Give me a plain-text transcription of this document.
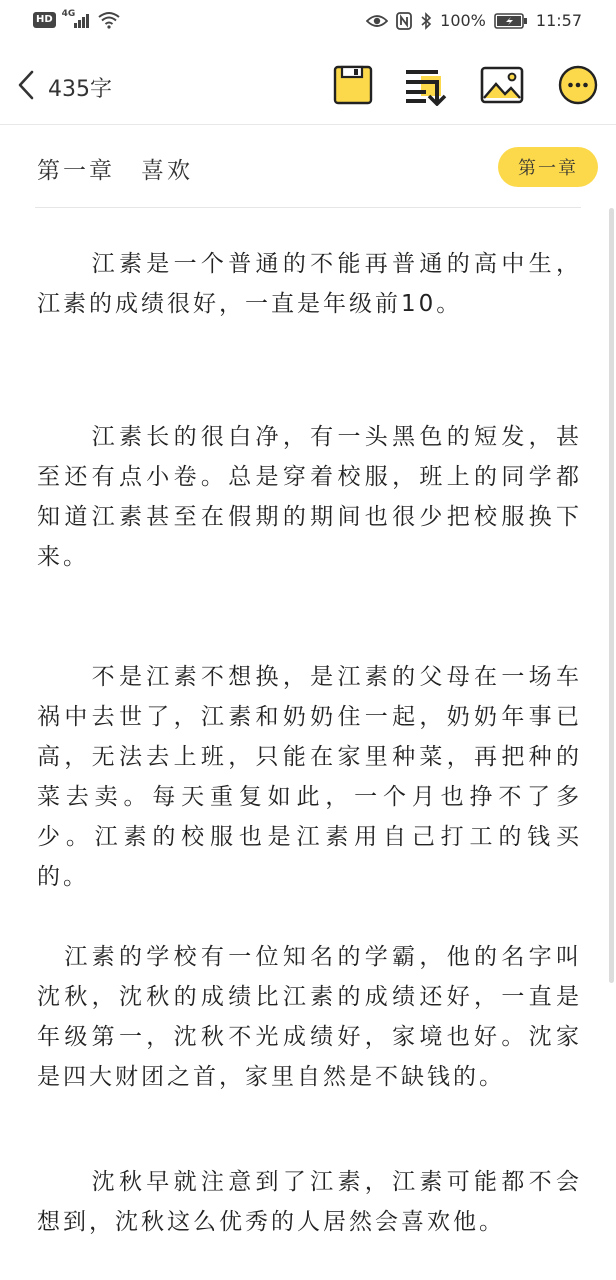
HD	4G	100%	11:57
435字
第一章　喜欢	第一章

　　江素是一个普通的不能再普通的高中生，江素的成绩很好，一直是年级前10。

　　江素长的很白净，有一头黑色的短发，甚至还有点小卷。总是穿着校服，班上的同学都知道江素甚至在假期的期间也很少把校服换下来。

　　不是江素不想换，是江素的父母在一场车祸中去世了，江素和奶奶住一起，奶奶年事已高，无法去上班，只能在家里种菜，再把种的菜去卖。每天重复如此，一个月也挣不了多少。江素的校服也是江素用自己打工的钱买的。

　江素的学校有一位知名的学霸，他的名字叫沈秋，沈秋的成绩比江素的成绩还好，一直是年级第一，沈秋不光成绩好，家境也好。沈家是四大财团之首，家里自然是不缺钱的。

　　沈秋早就注意到了江素，江素可能都不会想到，沈秋这么优秀的人居然会喜欢他。
